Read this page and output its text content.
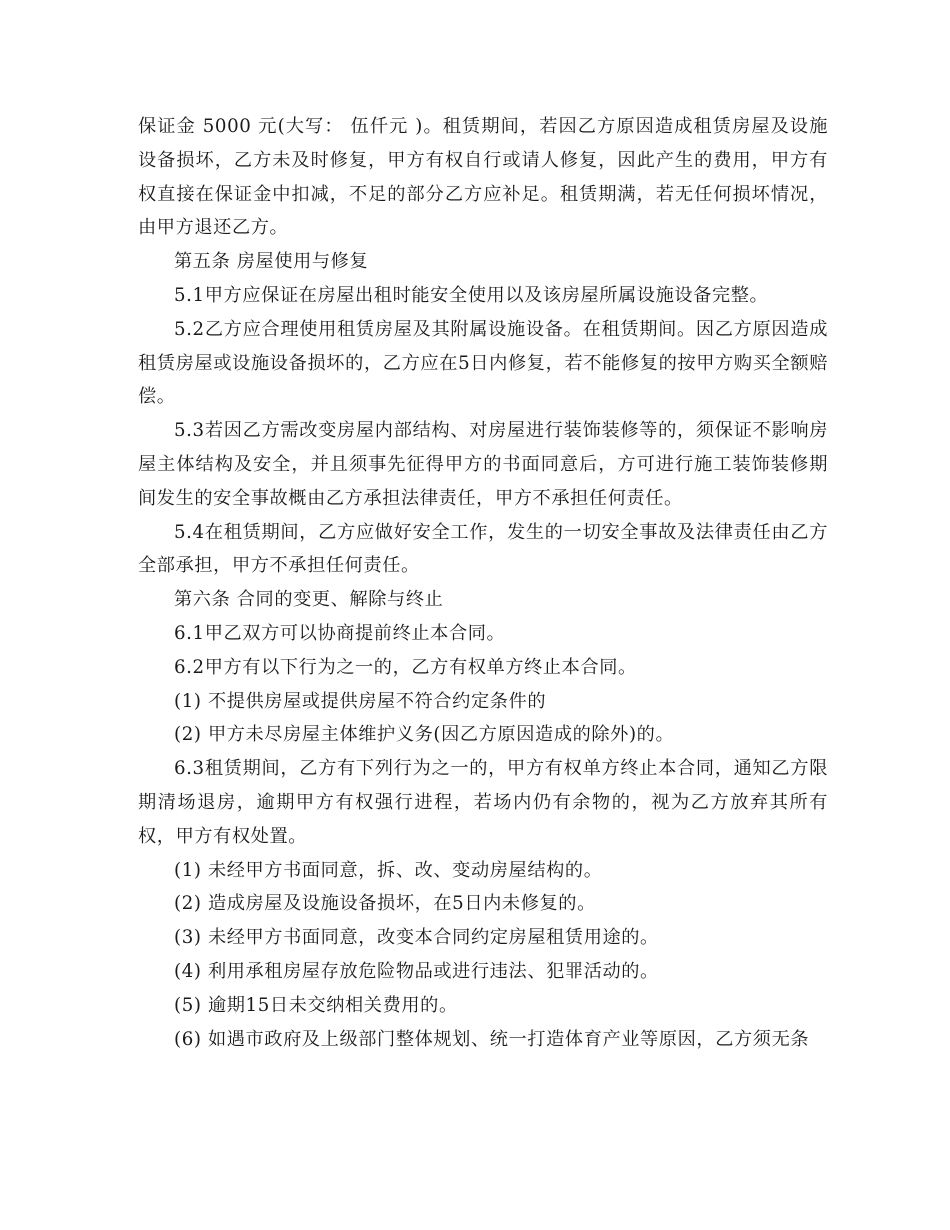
保证金 5000 元(大写： 伍仟元 )。租赁期间，若因乙方原因造成租赁房屋及设施设备损坏，乙方未及时修复，甲方有权自行或请人修复，因此产生的费用，甲方有权直接在保证金中扣减，不足的部分乙方应补足。租赁期满，若无任何损坏情况，由甲方退还乙方。

第五条 房屋使用与修复

5.1甲方应保证在房屋出租时能安全使用以及该房屋所属设施设备完整。

5.2乙方应合理使用租赁房屋及其附属设施设备。在租赁期间。因乙方原因造成租赁房屋或设施设备损坏的，乙方应在5日内修复，若不能修复的按甲方购买全额赔偿。

5.3若因乙方需改变房屋内部结构、对房屋进行装饰装修等的，须保证不影响房屋主体结构及安全，并且须事先征得甲方的书面同意后，方可进行施工装饰装修期间发生的安全事故概由乙方承担法律责任，甲方不承担任何责任。

5.4在租赁期间，乙方应做好安全工作，发生的一切安全事故及法律责任由乙方全部承担，甲方不承担任何责任。

第六条 合同的变更、解除与终止

6.1甲乙双方可以协商提前终止本合同。

6.2甲方有以下行为之一的，乙方有权单方终止本合同。

(1) 不提供房屋或提供房屋不符合约定条件的

(2) 甲方未尽房屋主体维护义务(因乙方原因造成的除外)的。

6.3租赁期间，乙方有下列行为之一的，甲方有权单方终止本合同，通知乙方限期清场退房，逾期甲方有权强行进程，若场内仍有余物的，视为乙方放弃其所有权，甲方有权处置。

(1) 未经甲方书面同意，拆、改、变动房屋结构的。

(2) 造成房屋及设施设备损坏，在5日内未修复的。

(3) 未经甲方书面同意，改变本合同约定房屋租赁用途的。

(4) 利用承租房屋存放危险物品或进行违法、犯罪活动的。

(5) 逾期15日未交纳相关费用的。

(6) 如遇市政府及上级部门整体规划、统一打造体育产业等原因，乙方须无条
